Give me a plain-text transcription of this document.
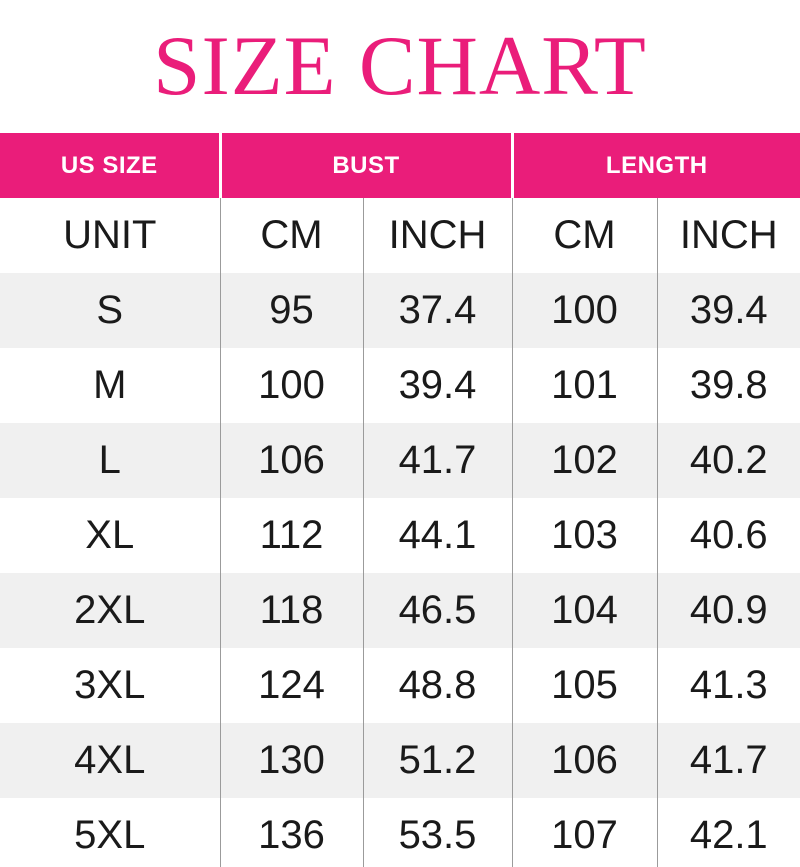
SIZE CHART
US SIZE	BUST		LENGTH	
UNIT	CM	INCH	CM	INCH
S	95	37.4	100	39.4
M	100	39.4	101	39.8
L	106	41.7	102	40.2
XL	112	44.1	103	40.6
2XL	118	46.5	104	40.9
3XL	124	48.8	105	41.3
4XL	130	51.2	106	41.7
5XL	136	53.5	107	42.1
